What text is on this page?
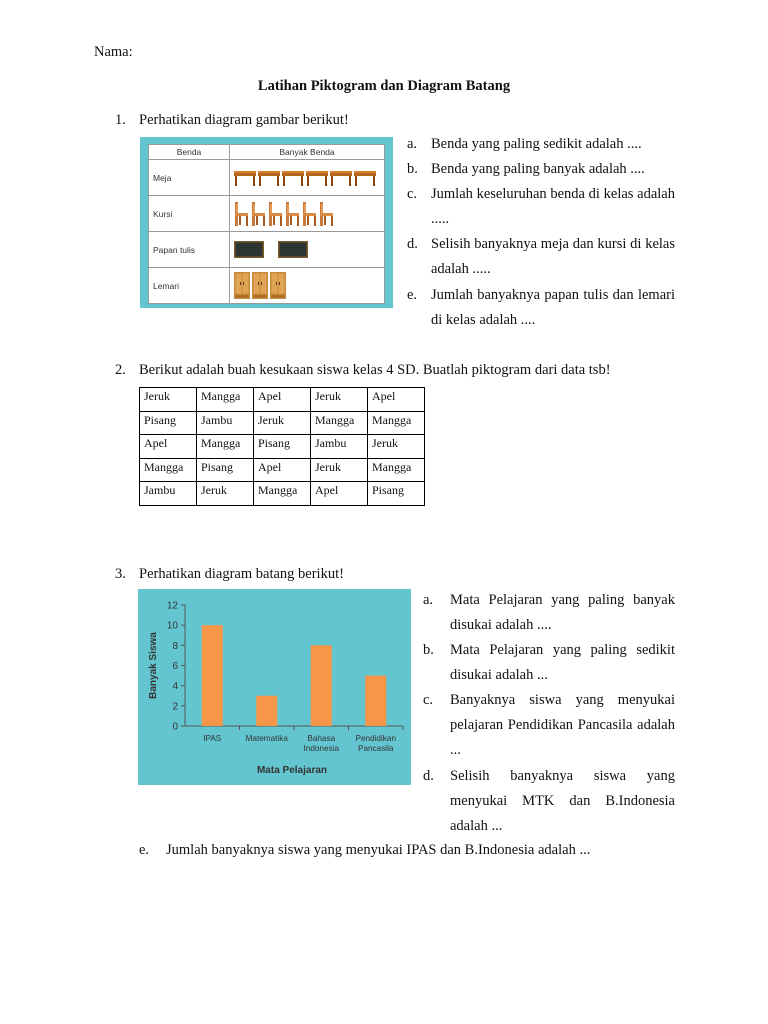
Nama:
Latihan Piktogram dan Diagram Batang
1. Perhatikan diagram gambar berikut!
Benda	Banyak Benda
Meja	

Kursi	

Papan tulis	

Lemari	
a. Benda yang paling sedikit adalah ....
b. Benda yang paling banyak adalah ....
c. Jumlah keseluruhan benda di kelas adalah .....
d. Selisih banyaknya meja dan kursi di kelas adalah .....
e. Jumlah banyaknya papan tulis dan lemari di kelas adalah ....
2. Berikut adalah buah kesukaan siswa kelas 4 SD. Buatlah piktogram dari data tsb!
Jeruk	Mangga	Apel	Jeruk	Apel
Pisang	Jambu	Jeruk	Mangga	Mangga
Apel	Mangga	Pisang	Jambu	Jeruk
Mangga	Pisang	Apel	Jeruk	Mangga
Jambu	Jeruk	Mangga	Apel	Pisang
3. Perhatikan diagram batang berikut!
0
2
4
6
8
10
12
IPAS	Matematika Bahasa
Indonesia
Pendidikan
Pancasila
Mata Pelajaran
Banyak Siswa
a.	Mata Pelajaran yang paling banyak disukai adalah ....
b.	Mata Pelajaran yang paling sedikit disukai adalah ...
c.	Banyaknya siswa yang menyukai pelajaran Pendidikan Pancasila adalah ...
d.	Selisih banyaknya siswa yang menyukai MTK dan B.Indonesia adalah ...
e. Jumlah banyaknya siswa yang menyukai IPAS dan B.Indonesia adalah ...
